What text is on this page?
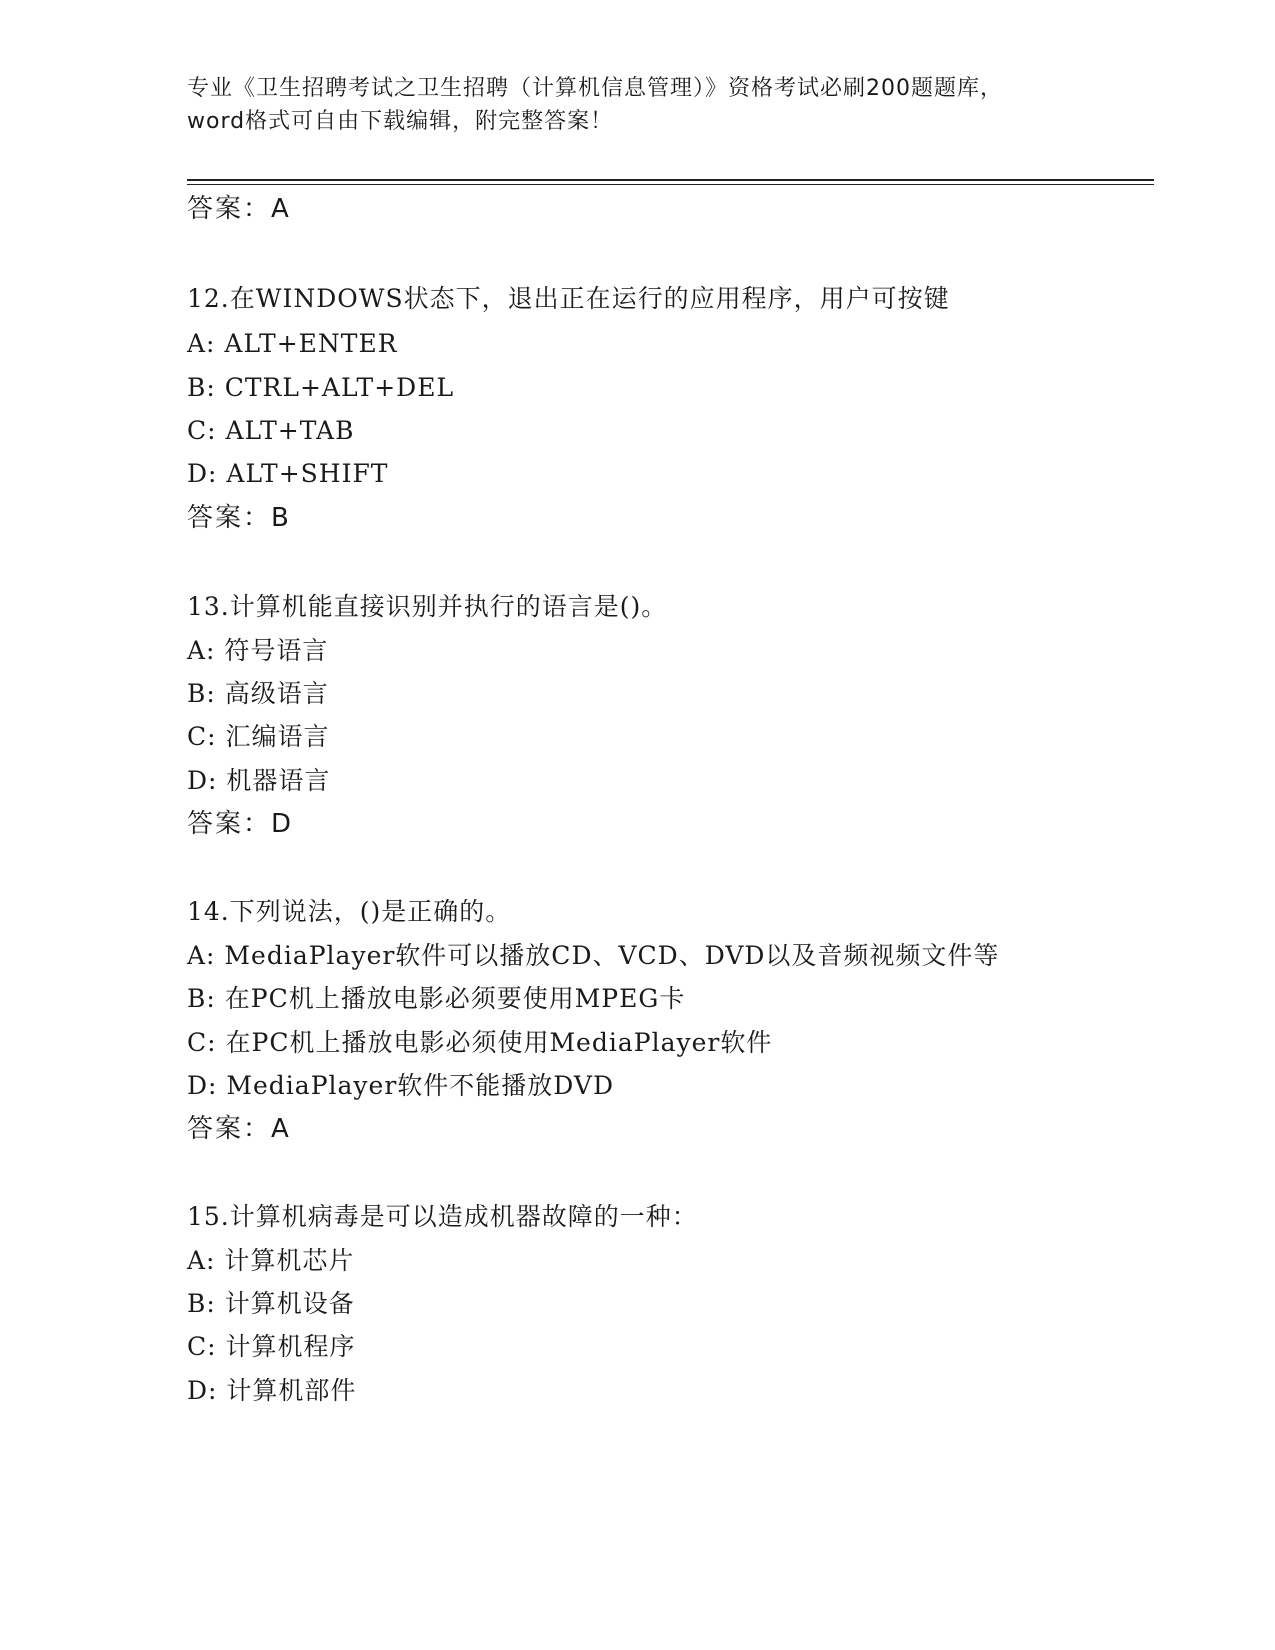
专业《卫生招聘考试之卫生招聘（计算机信息管理）》资格考试必刷200题题库，
word格式可自由下载编辑，附完整答案！
答案：A
12.在WINDOWS状态下，退出正在运行的应用程序，用户可按键
A: ALT+ENTER
B: CTRL+ALT+DEL
C: ALT+TAB
D: ALT+SHIFT
答案：B
13.计算机能直接识别并执行的语言是()。
A: 符号语言
B: 高级语言
C: 汇编语言
D: 机器语言
答案：D
14.下列说法，()是正确的。
A: MediaPlayer软件可以播放CD、VCD、DVD以及音频视频文件等
B: 在PC机上播放电影必须要使用MPEG卡
C: 在PC机上播放电影必须使用MediaPlayer软件
D: MediaPlayer软件不能播放DVD
答案：A
15.计算机病毒是可以造成机器故障的一种：
A: 计算机芯片
B: 计算机设备
C: 计算机程序
D: 计算机部件
